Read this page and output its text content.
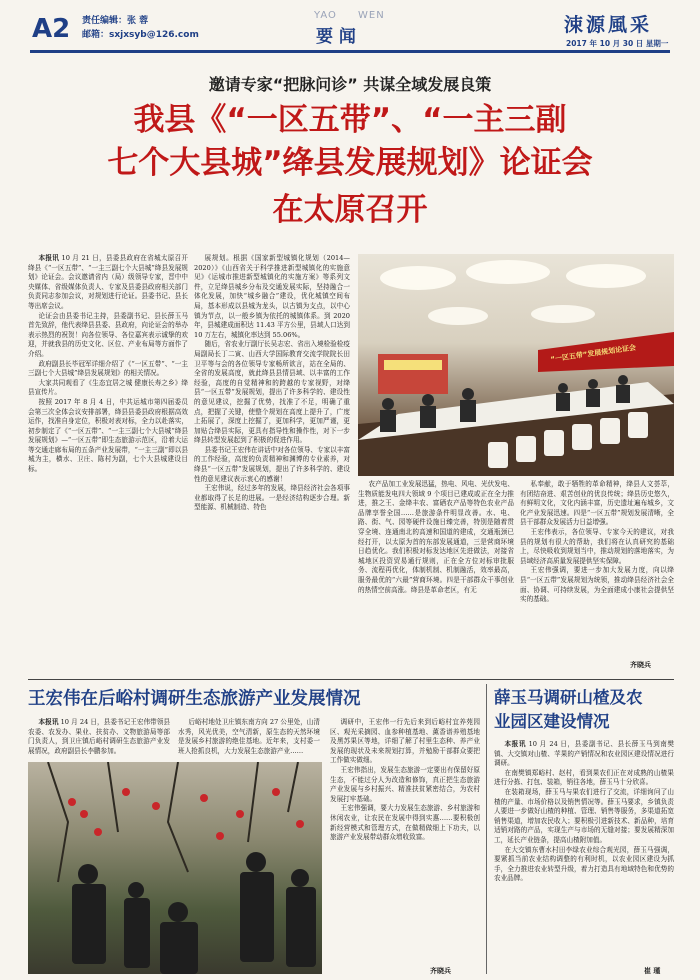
A2 责任编辑：张 蓉
邮箱：sxjxsyb@126.com
YAO WEN
要 闻
涑源風采
2017 年 10 月 30 日 星期一
邀请专家“把脉问诊” 共谋全域发展良策
我县《“一区五带”、“一主三副
七个大县城”绛县发展规划》论证会
在太原召开

本报讯 10 月 21 日，县委县政府在省城太原召开绛县《“一区五带”、“一主三副七个大县城”绛县发展规划》论证会。会议邀请省内（局）级领导专家，晋中中央媒体、省级媒体负责人、专家及县委县政府相关部门负责同志参加会议，对规划进行论证。县委书记、县长等出席会议。

论证会由县委书记主持，县委副书记、县长薛玉马首先致辞，他代表绛县县委、县政府，向论证会的举办表示热烈的祝贺！向各位领导、各位嘉宾表示诚挚的欢迎，并就我县的历史文化、区位、产业布局等方面作了介绍。

政府副县长毕冠军详细介绍了《“一区五带”、“一主三副七个大县城”绛县发展规划》的相关情况。

大家共同观看了《生态宜居之城 健康长寿之乡》绛县宣传片。

按照 2017 年 8 月 4 日，中共运城市第四届委员会第三次全体会议安排部署，绛县县委县政府根据高效运作，找准自身定位，积极对表对标，全力以赴落实，初步制定了《“一区五带”、“一主三副七个大县城”绛县发展规划》—“一区五带”即生态旅游示范区，沿着大运等交通走廊布局的五条产业发展带，“一主三副”即以县城为主，横水、卫庄、陈村为副，七个大县城建设目标。

展规划。根据《国家新型城镇化规划（2014—2020）》《山西省关于科学推进新型城镇化的实施意见》《运城市推进新型城镇化的实施方案》等系列文件，立足绛县城乡分布及交通发展实际，坚持融合一体化发展，加快“城乡融合”建设，优化城镇空间布局，基本形成以县城为龙头，以古镇为支点，以中心镇为节点，以一般乡镇为依托的城镇体系。到 2020 年，县城建成面积达 11.43 平方公里，县域人口达到 10 万左右，城镇化率达到 55.06%。

随后，省农业厅副厅长吴志宏、省出入境检验检疫局副局长丁二寅、山西大学国际教育交流学院院长田卫平等与会的各位领导专家畅所欲言，站在全局的、全省的发展高度，就此绛县县情县域、以丰富的工作经验，高度的自觉精神和的跨越的专家视野，对绛县“一区五带”发展规划，提出了许多科学的、建设性的意见建议，挖掘了优势，找准了不足，明确了重点，把握了关键，使整个规划在高度上提升了，广度上拓展了，深度上挖掘了，更加科学，更加严谨，更加贴合绛县实际，更具有指导性和操作性，对下一步绛县转型发展起到了积极的促进作用。

县委书记王宏伟在讲话中对各位领导、专家以丰富的工作经验，高度的负责精神和渊博的专业素养，对绛县“一区五带”发展规划，提出了许多科学的、建设性的意见建议表示衷心的感谢！

王宏伟说，经过多年的发展，绛县经济社会各项事业都取得了长足的进展。一是经济结构逐步合理。新型能源、机械制造、特色

“一区五带”发展规划论证会

农产品加工业发展迅猛，热电、风电、光伏发电、生物质能发电四大领域 9 个项目已建成或正在全力推进，推之王、金绛丰农、富硒农产品等特色农业产品品牌享誉全国……是旅游条件明显改善。水、电、路、街、气、园等硬件设施日臻完善，特别是随着贯穿全境、连通南北的高速和国道的建成，交通瓶颈已经打开，以太原为首的东部发展通道，三是营商环境日趋优化。我们积极对标发达地区先进做法，对接省城地区投资贸易通行规则，正在全方位对标审批服务、流程再优化，体制机制、机制融活，效率最高，服务最优的“六最”营商环境。四是干部群众干事创业的热情空前高涨。绛县是革命老区，有无

私奉献，敢于牺牲的革命精神，绛县人文荟萃，有团结奋进、艰苦创业的优良传统；绛县历史悠久，有鲜明文化，文化内涵丰富，历史遗址遍布城乡，文化产业发展迅速。四是“一区五带”规划发展清晰，全县干部群众发展活力日益增强。

王宏伟表示，各位领导、专家今天的建议，对我县的规划有很大的帮助，我们将在认真研究的基础上，尽快吸收到规划当中，推动规划的落地落实，为县域经济高质量发展提供坚实保障。

王宏伟强调，要进一步加大发展力度，向以绛县“一区五带”发展规划为统领，推动绛县经济社会全面、协调、可持续发展，为全面建成小康社会提供坚实的基础。

齐晓兵
王宏伟在后峪村调研生态旅游产业发展情况

本报讯 10 月 24 日，县委书记王宏伟带领县农委、农发办、果业、扶贫办、文物旅游局等部门负责人，到卫庄镇后峪村调研生态旅游产业发展情况，政府副县长李鹏参加。

后峪村地处卫庄镇东南方向 27 公里处，山清水秀，风光优美，空气清新，原生态的天然环境是发展乡村旅游的绝佳基地。近年来，支村委一班人抢抓良机，大力发展生态旅游产业……

调研中，王宏伟一行先后来到后峪村宜养苑园区、观光采摘园、血参种植基地、薰香谱养殖基地及黑苏果区等地，详细了解了村里生态种、养产业发展的现状及未来规划打算，并勉励干部群众要把工作做实做细。

王宏伟指出，发展生态旅游一定要出有保留好原生态，不能过分人为改造和修饰，真正把生态旅游产业发展与乡村振兴、精准扶贫紧密结合，为农村发展打牢基础。

王宏伟强调，要大力发展生态旅游、乡村旅游和休闲农业，让农民在发展中得到实惠……要积极创新经营模式和管理方式，在做精做细上下功夫，以旅游产业发展带动群众增收致富。

齐晓兵
薛玉马调研山楂及农
业园区建设情况

本报讯 10 月 24 日，县委副书记、县长薛玉马到南樊镇、大交镇对山楂、苹果的产销情况和农业园区建设情况进行调研。

在南樊镇郑峪村、赵村，看到果农们正在对成熟的山楂果进行分拣、打包、装箱，销往各地，薛玉马十分欣喜。

在装箱现场，薛玉马与果农们进行了交流，详细询问了山楂的产量、市场价格以及销售情况等。薛玉马要求，乡镇负责人要进一步做好山楂的种植、管理、销售等服务，多渠道拓宽销售渠道，增加农民收入；要积极引进新技术、新品种，培育适销对路的产品，实现生产与市场的无缝对接；要发展精深加工，延长产业链条，提高山楂附加值。

在大交镇东曹水村田李绿农业综合观光园，薛玉马强调，要紧抓当前农业结构调整的有利时机，以农业园区建设为抓手，全力推进农业转型升级，着力打造具有地域特色和优势的农业品牌。

崔 瑾
